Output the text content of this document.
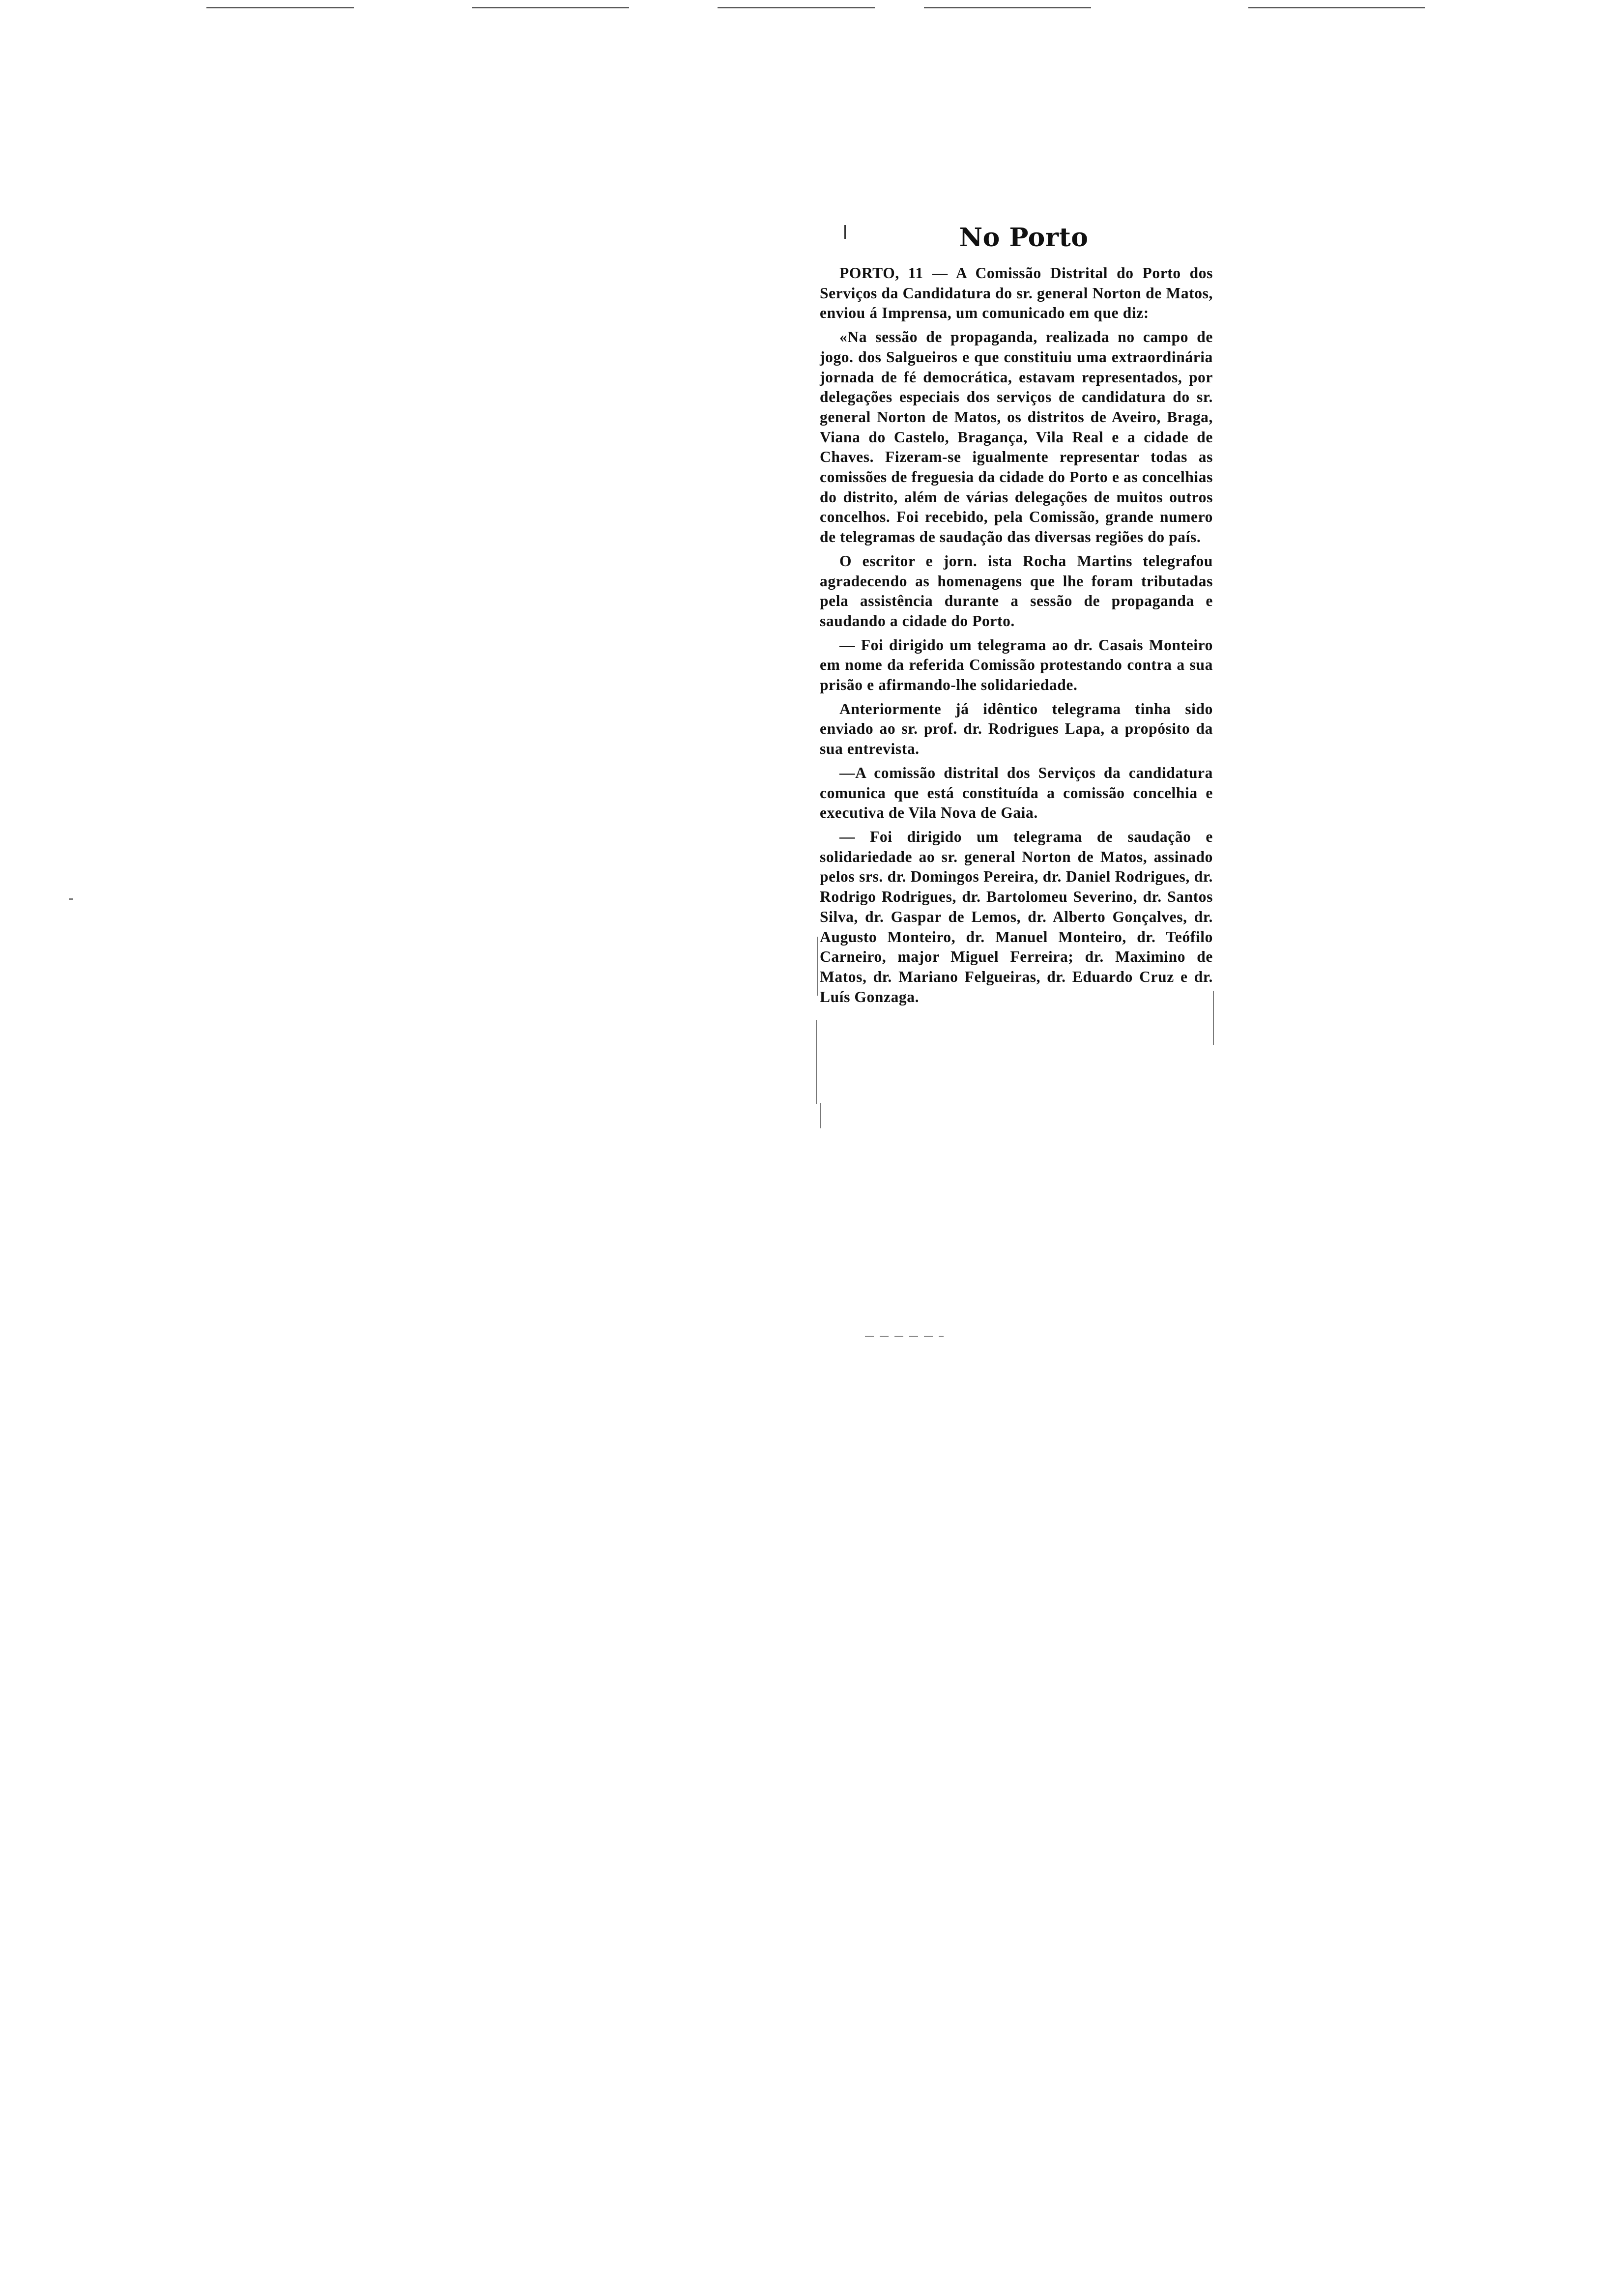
No Porto

PORTO, 11 — A Comissão Distrital do Porto dos Serviços da Candidatura do sr. general Norton de Matos, enviou á Imprensa, um comunicado em que diz:

«Na sessão de propaganda, realizada no campo de jogo. dos Salgueiros e que constituiu uma extraordinária jornada de fé democrática, estavam representados, por delegações especiais dos serviços de candidatura do sr. general Norton de Matos, os distritos de Aveiro, Braga, Viana do Castelo, Bragança, Vila Real e a cidade de Chaves. Fizeram-se igualmente representar todas as comissões de freguesia da cidade do Porto e as concelhias do distrito, além de várias delegações de muitos outros concelhos. Foi recebido, pela Comissão, grande numero de telegramas de saudação das diversas regiões do país.

O escritor e jorn. ista Rocha Martins telegrafou agradecendo as homenagens que lhe foram tributadas pela assistência durante a sessão de propaganda e saudando a cidade do Porto.

— Foi dirigido um telegrama ao dr. Casais Monteiro em nome da referida Comissão protestando contra a sua prisão e afirmando-lhe solidariedade.

Anteriormente já idêntico telegrama tinha sido enviado ao sr. prof. dr. Rodrigues Lapa, a propósito da sua entrevista.

—A comissão distrital dos Serviços da candidatura comunica que está constituída a comissão concelhia e executiva de Vila Nova de Gaia.

— Foi dirigido um telegrama de saudação e solidariedade ao sr. general Norton de Matos, assinado pelos srs. dr. Domingos Pereira, dr. Daniel Rodrigues, dr. Rodrigo Rodrigues, dr. Bartolomeu Severino, dr. Santos Silva, dr. Gaspar de Lemos, dr. Alberto Gonçalves, dr. Augusto Monteiro, dr. Manuel Monteiro, dr. Teófilo Carneiro, major Miguel Ferreira; dr. Maximino de Matos, dr. Mariano Felgueiras, dr. Eduardo Cruz e dr. Luís Gonzaga.
